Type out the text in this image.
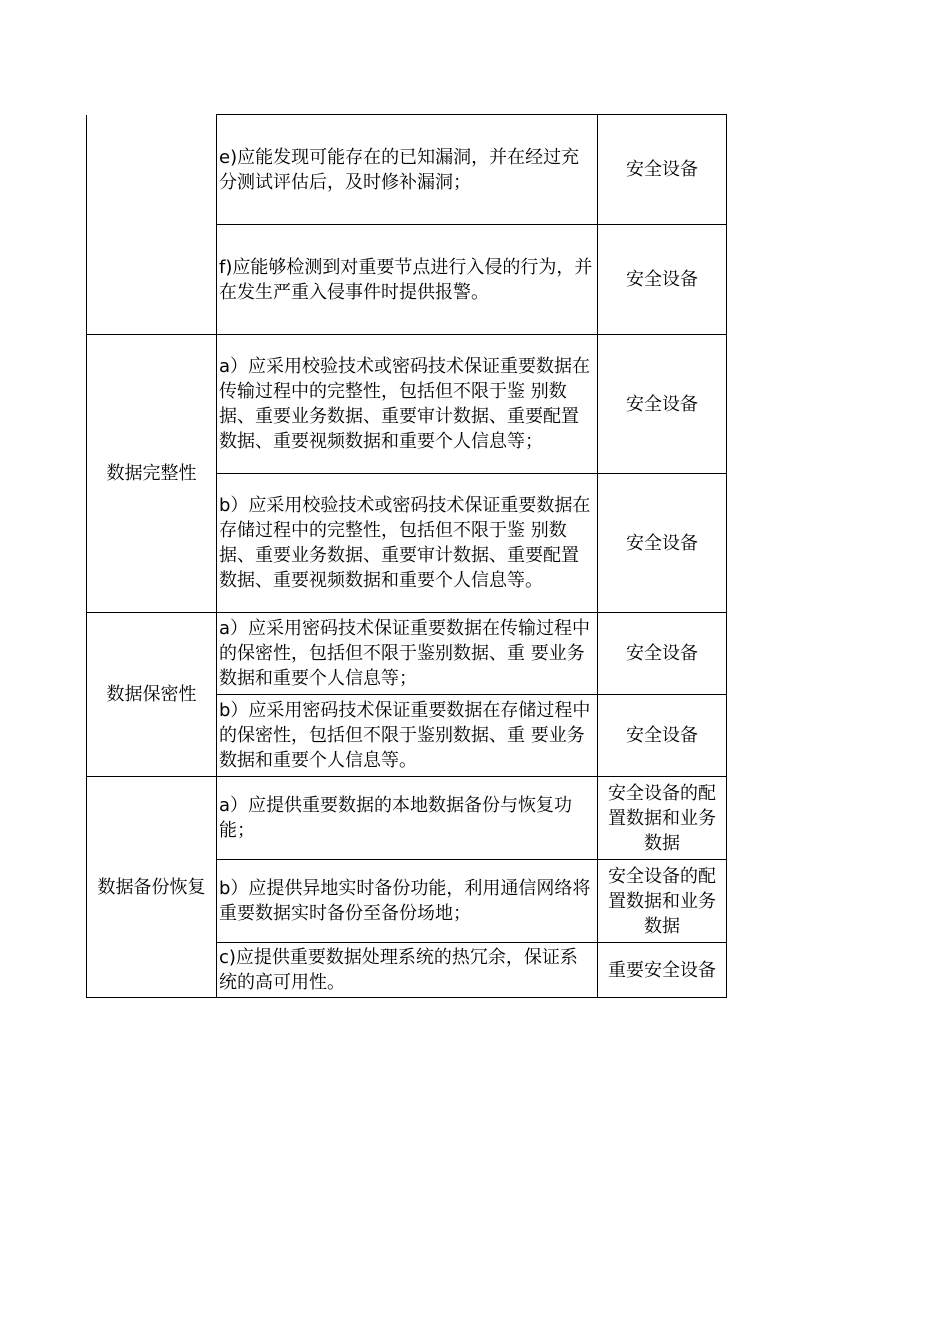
	e)应能发现可能存在的已知漏洞，并在经过充分测试评估后，及时修补漏洞；	安全设备
	f)应能够检测到对重要节点进行入侵的行为，并在发生严重入侵事件时提供报警。	安全设备
数据完整性	a）应采用校验技术或密码技术保证重要数据在传输过程中的完整性，包括但不限于鉴 别数据、重要业务数据、重要审计数据、重要配置数据、重要视频数据和重要个人信息等；	安全设备
	b）应采用校验技术或密码技术保证重要数据在存储过程中的完整性，包括但不限于鉴 别数据、重要业务数据、重要审计数据、重要配置数据、重要视频数据和重要个人信息等。	安全设备
数据保密性	a）应采用密码技术保证重要数据在传输过程中的保密性，包括但不限于鉴别数据、重 要业务数据和重要个人信息等；	安全设备
	b）应采用密码技术保证重要数据在存储过程中的保密性，包括但不限于鉴别数据、重 要业务数据和重要个人信息等。	安全设备
数据备份恢复	a）应提供重要数据的本地数据备份与恢复功能；	安全设备的配置数据和业务数据
	b）应提供异地实时备份功能，利用通信网络将重要数据实时备份至备份场地；	安全设备的配置数据和业务数据
	c)应提供重要数据处理系统的热冗余，保证系统的高可用性。	重要安全设备
